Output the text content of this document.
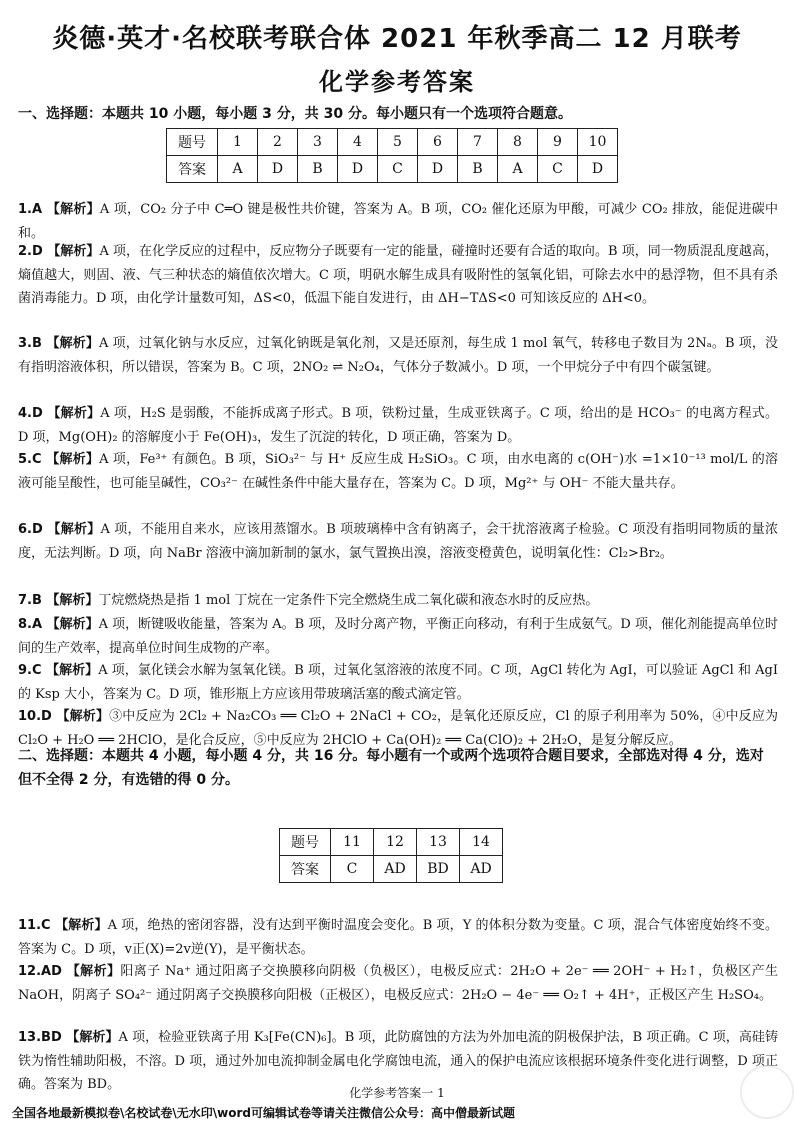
炎德·英才·名校联考联合体 2021 年秋季高二 12 月联考
化学参考答案
一、选择题：本题共 10 小题，每小题 3 分，共 30 分。每小题只有一个选项符合题意。
题号	1	2	3	4	5	6	7	8	9	10
答案	A	D	B	D	C	D	B	A	C	D
1.A 【解析】A 项，CO₂ 分子中 C═O 键是极性共价键，答案为 A。B 项，CO₂ 催化还原为甲酸，可减少 CO₂ 排放，能促进碳中和。
2.D 【解析】A 项，在化学反应的过程中，反应物分子既要有一定的能量，碰撞时还要有合适的取向。B 项，同一物质混乱度越高，熵值越大，则固、液、气三种状态的熵值依次增大。C 项，明矾水解生成具有吸附性的氢氧化铝，可除去水中的悬浮物，但不具有杀菌消毒能力。D 项，由化学计量数可知，ΔS<0，低温下能自发进行，由 ΔH−TΔS<0 可知该反应的 ΔH<0。
3.B 【解析】A 项，过氧化钠与水反应，过氧化钠既是氧化剂，又是还原剂，每生成 1 mol 氧气，转移电子数目为 2Nₐ。B 项，没有指明溶液体积，所以错误，答案为 B。C 项，2NO₂ ⇌ N₂O₄，气体分子数减小。D 项，一个甲烷分子中有四个碳氢键。
4.D 【解析】A 项，H₂S 是弱酸，不能拆成离子形式。B 项，铁粉过量，生成亚铁离子。C 项，给出的是 HCO₃⁻ 的电离方程式。D 项，Mg(OH)₂ 的溶解度小于 Fe(OH)₃，发生了沉淀的转化，D 项正确，答案为 D。
5.C 【解析】A 项，Fe³⁺ 有颜色。B 项，SiO₃²⁻ 与 H⁺ 反应生成 H₂SiO₃。C 项，由水电离的 c(OH⁻)水 =1×10⁻¹³ mol/L 的溶液可能呈酸性，也可能呈碱性，CO₃²⁻ 在碱性条件中能大量存在，答案为 C。D 项，Mg²⁺ 与 OH⁻ 不能大量共存。
6.D 【解析】A 项，不能用自来水，应该用蒸馏水。B 项玻璃棒中含有钠离子，会干扰溶液离子检验。C 项没有指明同物质的量浓度，无法判断。D 项，向 NaBr 溶液中滴加新制的氯水，氯气置换出溴，溶液变橙黄色，说明氧化性：Cl₂>Br₂。
7.B 【解析】丁烷燃烧热是指 1 mol 丁烷在一定条件下完全燃烧生成二氧化碳和液态水时的反应热。
8.A 【解析】A 项，断键吸收能量，答案为 A。B 项，及时分离产物，平衡正向移动，有利于生成氨气。D 项，催化剂能提高单位时间的生产效率，提高单位时间生成物的产率。
9.C 【解析】A 项，氯化镁会水解为氢氧化镁。B 项，过氧化氢溶液的浓度不同。C 项，AgCl 转化为 AgI，可以验证 AgCl 和 AgI 的 Ksp 大小，答案为 C。D 项，锥形瓶上方应该用带玻璃活塞的酸式滴定管。
10.D 【解析】③中反应为 2Cl₂ + Na₂CO₃ ══ Cl₂O + 2NaCl + CO₂，是氧化还原反应，Cl 的原子利用率为 50%，④中反应为 Cl₂O + H₂O ══ 2HClO，是化合反应，⑤中反应为 2HClO + Ca(OH)₂ ══ Ca(ClO)₂ + 2H₂O，是复分解反应。
二、选择题：本题共 4 小题，每小题 4 分，共 16 分。每小题有一个或两个选项符合题目要求，全部选对得 4 分，选对但不全得 2 分，有选错的得 0 分。
题号	11	12	13	14
答案	C	AD	BD	AD
11.C 【解析】A 项，绝热的密闭容器，没有达到平衡时温度会变化。B 项，Y 的体积分数为变量。C 项，混合气体密度始终不变。答案为 C。D 项，v正(X)=2v逆(Y)，是平衡状态。
12.AD 【解析】阳离子 Na⁺ 通过阳离子交换膜移向阴极（负极区），电极反应式：2H₂O + 2e⁻ ══ 2OH⁻ + H₂↑，负极区产生 NaOH，阴离子 SO₄²⁻ 通过阴离子交换膜移向阳极（正极区），电极反应式：2H₂O − 4e⁻ ══ O₂↑ + 4H⁺，正极区产生 H₂SO₄。
13.BD 【解析】A 项，检验亚铁离子用 K₃[Fe(CN)₆]。B 项，此防腐蚀的方法为外加电流的阴极保护法，B 项正确。C 项，高硅铸铁为惰性辅助阳极，不溶。D 项，通过外加电流抑制金属电化学腐蚀电流，通入的保护电流应该根据环境条件变化进行调整，D 项正确。答案为 BD。
化学参考答案一 1
全国各地最新模拟卷\名校试卷\无水印\word可编辑试卷等请关注微信公众号：高中僧最新试题
